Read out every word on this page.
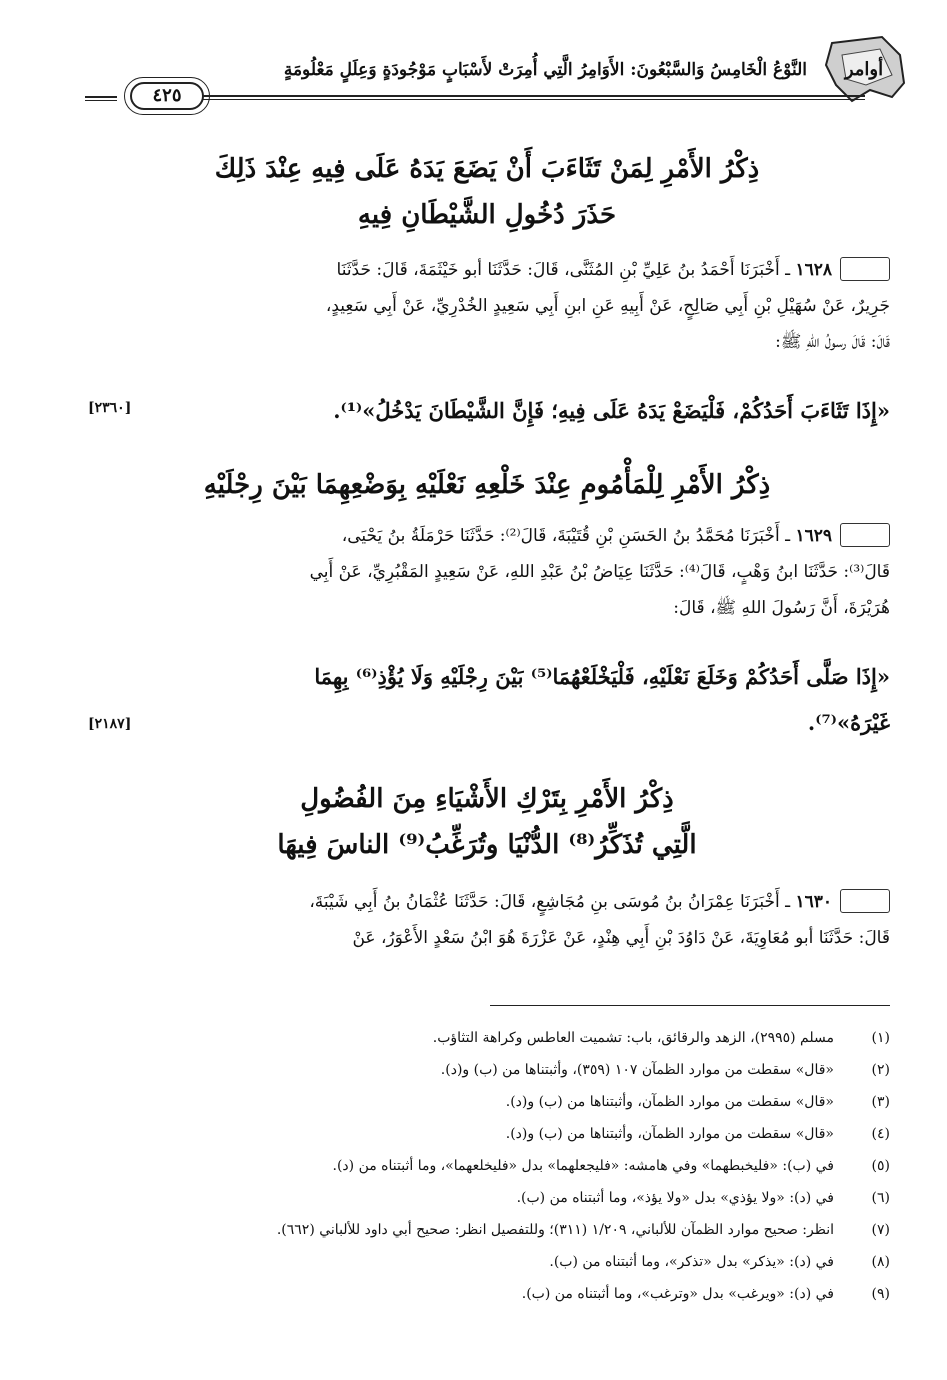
أوامر
النَّوْعُ الْخَامِسُ وَالسَّبْعُونَ: الأَوَامِرُ الَّتِي أُمِرَتْ لأَسْبَابٍ مَوْجُودَةٍ وَعِلَلٍ مَعْلُومَةٍ
٤٢٥
ذِكْرُ الأَمْرِ لِمَنْ تَثَاءَبَ أَنْ يَضَعَ يَدَهُ عَلَى فِيهِ عِنْدَ ذَلِكَ
حَذَرَ دُخُولِ الشَّيْطَانِ فِيهِ
١٦٢٨ ـ أَخْبَرَنَا أَحْمَدُ بنُ عَلِيِّ بْنِ المُثَنَّى، قَالَ: حَدَّثَنَا أبو خَيْثَمَةَ، قَالَ: حَدَّثَنَا
جَرِيرٌ، عَنْ سُهَيْلِ بْنِ أَبِي صَالِحٍ، عَنْ أَبِيهِ عَنِ ابنِ أَبِي سَعِيدٍ الخُدْرِيِّ، عَنْ أَبِي سَعِيدٍ،
قَالَ: قَالَ رسولُ اللهِ ﷺ:
«إِذَا تَثَاءَبَ أَحَدُكُمْ، فَلْيَضَعْ يَدَهُ عَلَى فِيهِ؛ فَإِنَّ الشَّيْطَانَ يَدْخُلُ»⁽¹⁾.
[٢٣٦٠]
ذِكْرُ الأَمْرِ لِلْمَأْمُومِ عِنْدَ خَلْعِهِ نَعْلَيْهِ بِوَضْعِهِمَا بَيْنَ رِجْلَيْهِ
١٦٢٩ ـ أَخْبَرَنَا مُحَمَّدُ بنُ الحَسَنِ بْنِ قُتَيْبَةَ، قَالَ⁽²⁾: حَدَّثَنَا حَرْمَلَةُ بنُ يَحْيَى،
قَالَ⁽³⁾: حَدَّثَنَا ابنُ وَهْبٍ، قَالَ⁽⁴⁾: حَدَّثَنَا عِيَاضُ بْنُ عَبْدِ اللهِ، عَنْ سَعِيدٍ المَقْبُرِيِّ، عَنْ أَبِي
هُرَيْرَةَ، أَنَّ رَسُولَ اللهِ ﷺ، قَالَ:
«إِذَا صَلَّى أَحَدُكُمْ وَخَلَعَ نَعْلَيْهِ، فَلْيَخْلَعْهُمَا⁽⁵⁾ بَيْنَ رِجْلَيْهِ وَلَا يُؤْذِ⁽⁶⁾ بِهِمَا
غَيْرَهُ»⁽⁷⁾.
[٢١٨٧]
ذِكْرُ الأَمْرِ بِتَرْكِ الأَشْيَاءِ مِنَ الفُضُولِ
الَّتِي تُذَكِّرُ⁽⁸⁾ الدُّنْيَا وتُرَغِّبُ⁽⁹⁾ الناسَ فِيهَا
١٦٣٠ ـ أَخْبَرَنَا عِمْرَانُ بنُ مُوسَى بنِ مُجَاشِعٍ، قَالَ: حَدَّثَنَا عُثْمَانُ بنُ أَبِي شَيْبَةَ،
قَالَ: حَدَّثَنَا أبو مُعَاوِيَةَ، عَنْ دَاوُدَ بْنِ أَبِي هِنْدٍ، عَنْ عَزْرَةَ هُوَ ابْنُ سَعْدٍ الأَعْوَرُ، عَنْ
(١)
مسلم (٢٩٩٥)، الزهد والرقائق، باب: تشميت العاطس وكراهة التثاؤب.
(٢)
«قال» سقطت من موارد الظمآن ١٠٧ (٣٥٩)، وأثبتناها من (ب) و(د).
(٣)
«قال» سقطت من موارد الظمآن، وأثبتناها من (ب) و(د).
(٤)
«قال» سقطت من موارد الظمآن، وأثبتناها من (ب) و(د).
(٥)
في (ب): «فليخبطهما» وفي هامشه: «فليجعلهما» بدل «فليخلعهما»، وما أثبتناه من (د).
(٦)
في (د): «ولا يؤذي» بدل «ولا يؤذ»، وما أثبتناه من (ب).
(٧)
انظر: صحيح موارد الظمآن للألباني، ١/٢٠٩ (٣١١)؛ وللتفصيل انظر: صحيح أبي داود للألباني (٦٦٢).
(٨)
في (د): «يذكر» بدل «تذكر»، وما أثبتناه من (ب).
(٩)
في (د): «ويرغب» بدل «وترغب»، وما أثبتناه من (ب).
